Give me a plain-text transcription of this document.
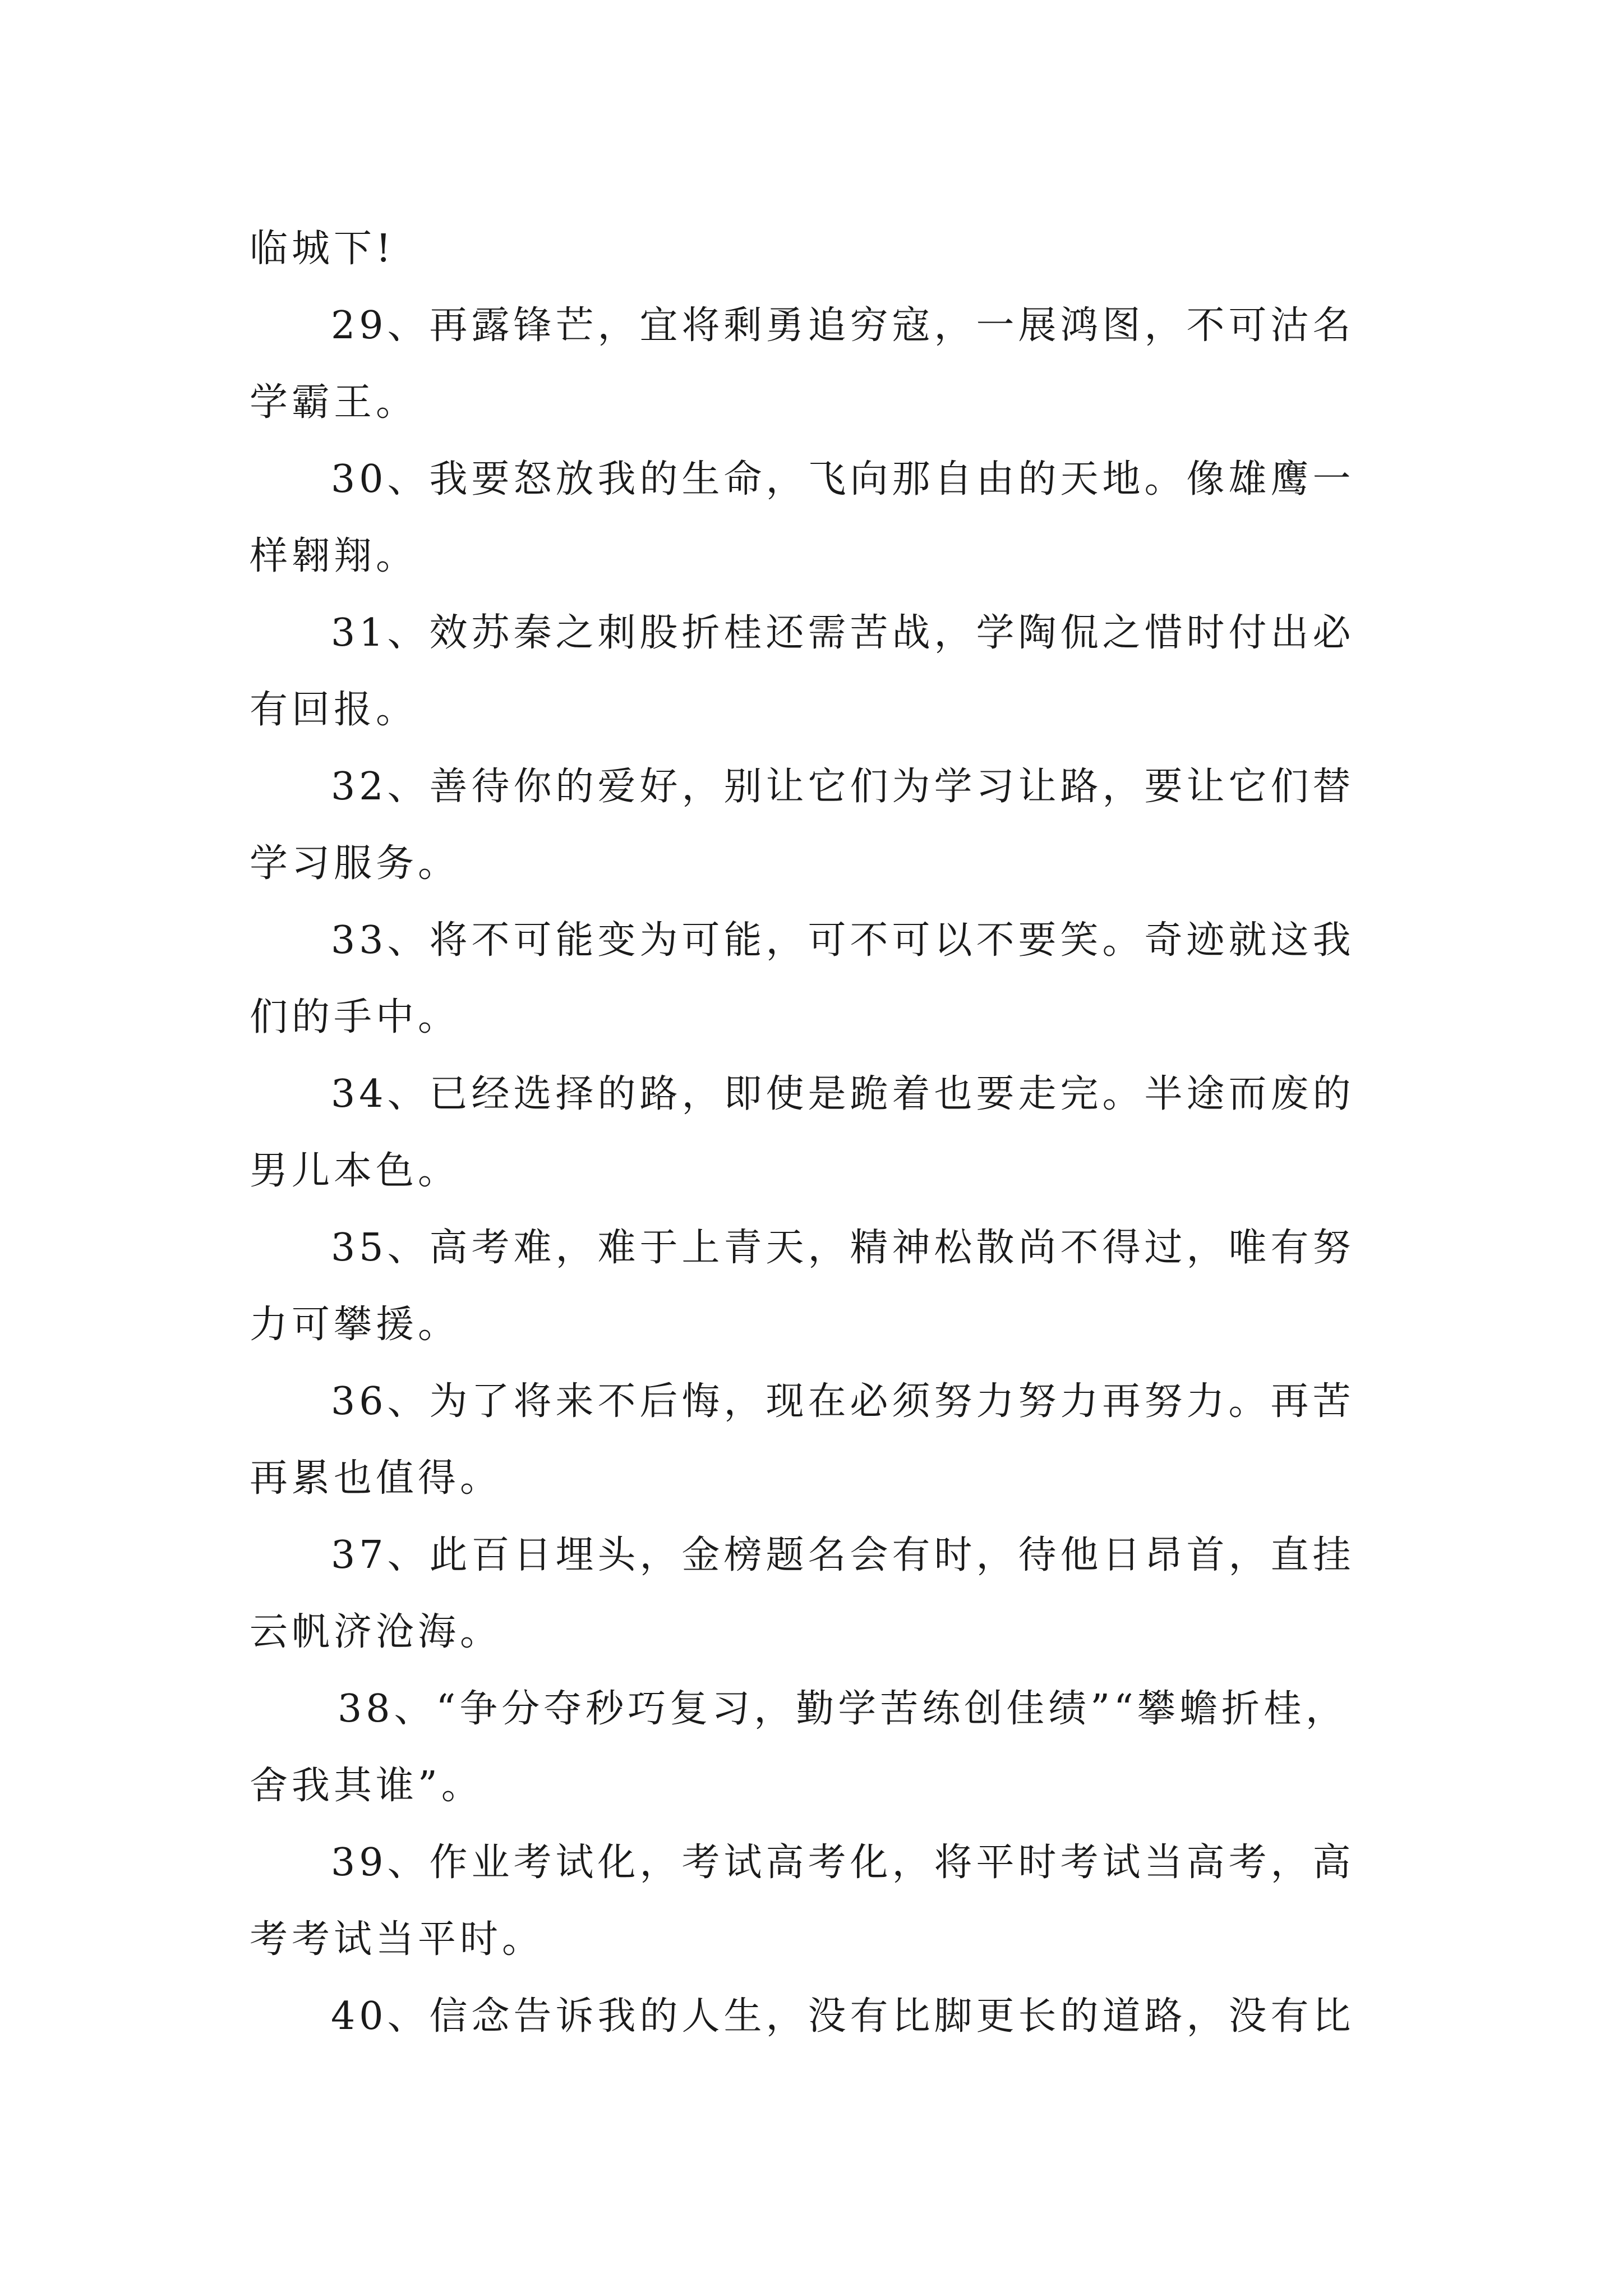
临城下!
29、再露锋芒，宜将剩勇追穷寇，一展鸿图，不可沽名
学霸王。
30、我要怒放我的生命，飞向那自由的天地。像雄鹰一
样翱翔。
31、效苏秦之刺股折桂还需苦战，学陶侃之惜时付出必
有回报。
32、善待你的爱好，别让它们为学习让路，要让它们替
学习服务。
33、将不可能变为可能，可不可以不要笑。奇迹就这我
们的手中。
34、已经选择的路，即使是跪着也要走完。半途而废的
男儿本色。
35、高考难，难于上青天，精神松散尚不得过，唯有努
力可攀援。
36、为了将来不后悔，现在必须努力努力再努力。再苦
再累也值得。
37、此百日埋头，金榜题名会有时，待他日昂首，直挂
云帆济沧海。
38、“争分夺秒巧复习，勤学苦练创佳绩”“攀蟾折桂，
舍我其谁”。
39、作业考试化，考试高考化，将平时考试当高考，高
考考试当平时。
40、信念告诉我的人生，没有比脚更长的道路，没有比
